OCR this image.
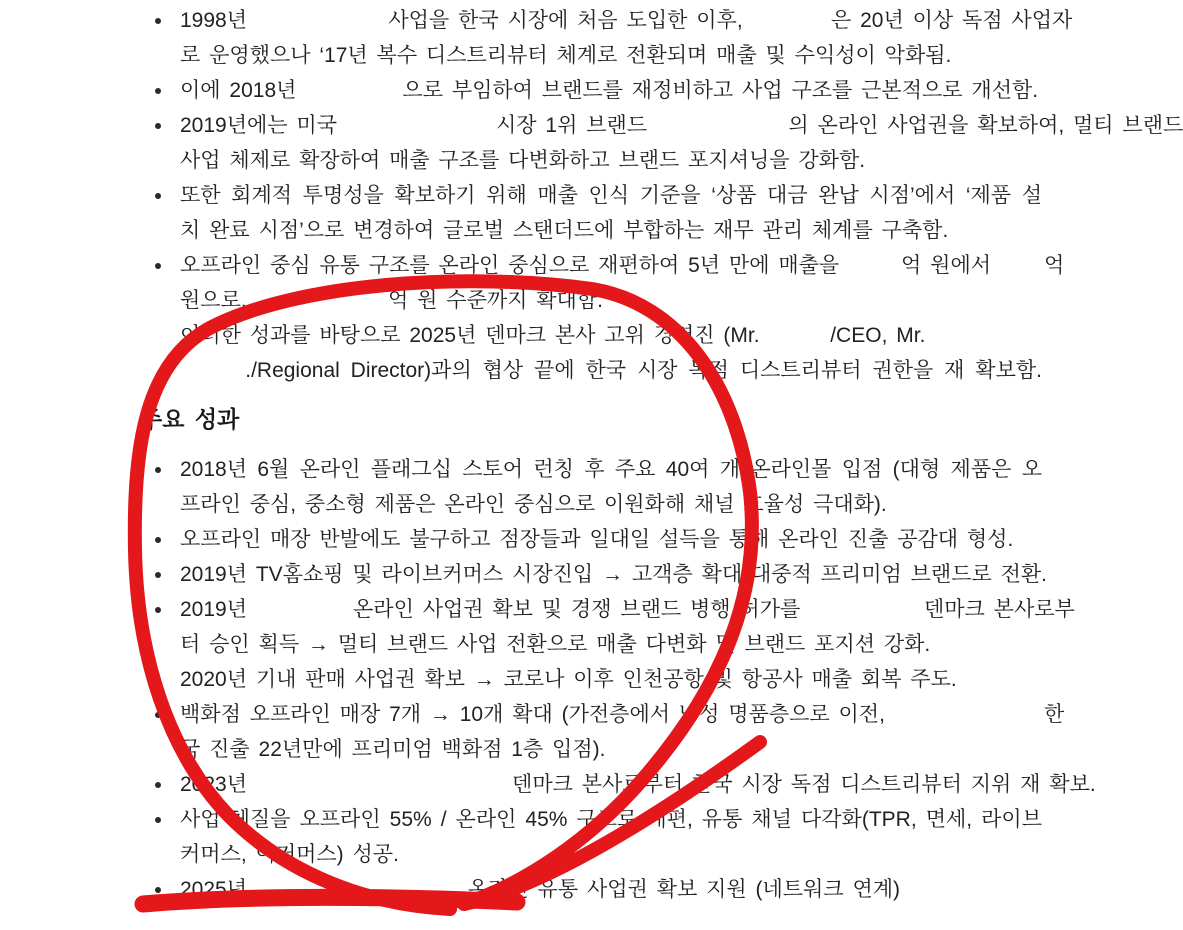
주요 성과
1998년                사업을 한국 시장에 처음 도입한 이후,          은 20년 이상 독점 사업자
로 운영했으나 ‘17년 복수 디스트리뷰터 체계로 전환되며 매출 및 수익성이 악화됨.
이에 2018년            으로 부임하여 브랜드를 재정비하고 사업 구조를 근본적으로 개선함.
2019년에는 미국                  시장 1위 브랜드                의 온라인 사업권을 확보하여, 멀티 브랜드
사업 체제로 확장하여 매출 구조를 다변화하고 브랜드 포지셔닝을 강화함.
또한 회계적 투명성을 확보하기 위해 매출 인식 기준을 ‘상품 대금 완납 시점’에서 ‘제품 설
치 완료 시점’으로 변경하여 글로벌 스탠더드에 부합하는 재무 관리 체계를 구축함.
오프라인 중심 유통 구조를 온라인 중심으로 재편하여 5년 만에 매출을       억 원에서      억
원으로,                억 원 수준까지 확대함.
이러한 성과를 바탕으로 2025년 덴마크 본사 고위 경영진 (Mr.        /CEO, Mr.
./Regional Director)과의 협상 끝에 한국 시장 독점 디스트리뷰터 권한을 재 확보함.
2018년 6월 온라인 플래그십 스토어 런칭 후 주요 40여 개 온라인몰 입점 (대형 제품은 오
프라인 중심, 중소형 제품은 온라인 중심으로 이원화해 채널 효율성 극대화).
오프라인 매장 반발에도 불구하고 점장들과 일대일 설득을 통해 온라인 진출 공감대 형성.
2019년 TV홈쇼핑 및 라이브커머스 시장진입 → 고객층 확대 대중적 프리미엄 브랜드로 전환.
2019년            온라인 사업권 확보 및 경쟁 브랜드 병행 허가를              덴마크 본사로부
터 승인 획득 → 멀티 브랜드 사업 전환으로 매출 다변화 및 브랜드 포지션 강화.
2020년 기내 판매 사업권 확보 → 코로나 이후 인천공항 및 항공사 매출 회복 주도.
백화점 오프라인 매장 7개 → 10개 확대 (가전층에서 남성 명품층으로 이전,                  한
국 진출 22년만에 프리미엄 백화점 1층 입점).
2023년                              덴마크 본사로부터 한국 시장 독점 디스트리뷰터 지위 재 확보.
사업 체질을 오프라인 55% / 온라인 45% 구조로 개편, 유통 채널 다각화(TPR, 면세, 라이브
커머스, 이커머스) 성공.
2025년                         온라인 유통 사업권 확보 지원 (네트워크 연계)
